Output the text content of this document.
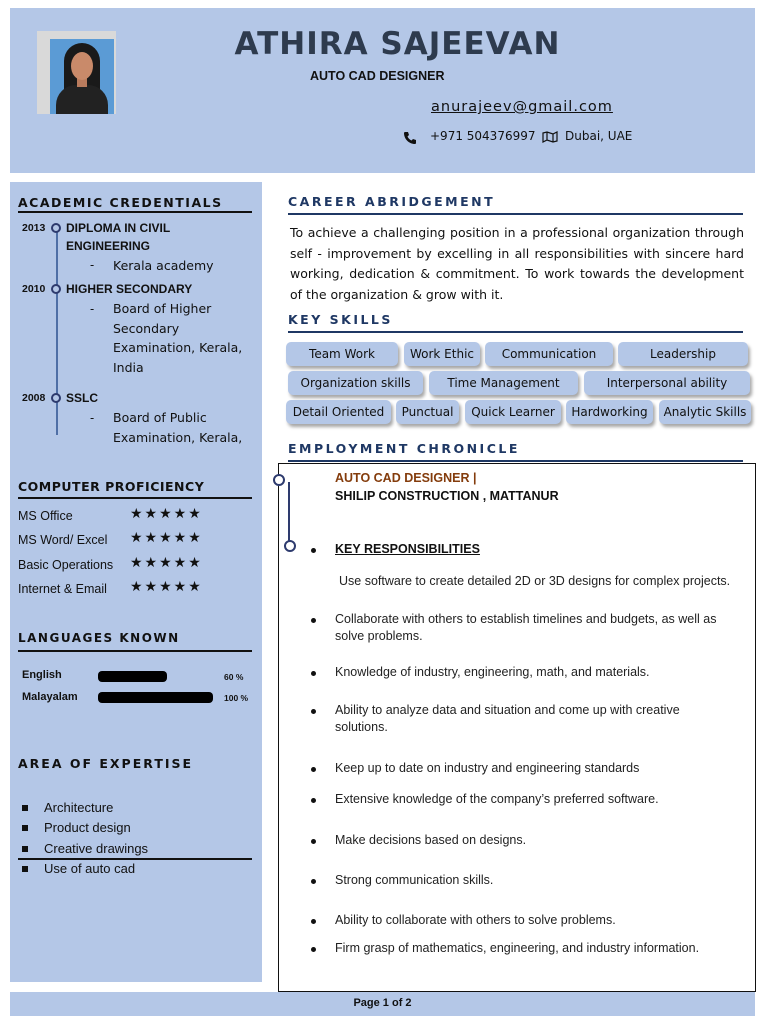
ATHIRA SAJEEVAN
AUTO CAD DESIGNER
anurajeev@gmail.com
+971 504376997 Dubai, UAE
ACADEMIC CREDENTIALS
2013 DIPLOMA IN CIVIL
ENGINEERING
- Kerala academy
2010 HIGHER SECONDARY
- Board of Higher
Secondary
Examination, Kerala,
India
2008 SSLC
- Board of Public
Examination, Kerala,
COMPUTER PROFICIENCY
MS Office	★★★★★
MS Word/ Excel ★★★★★
Basic Operations ★★★★★
Internet & Email ★★★★★
LANGUAGES KNOWN
English	60 %
Malayalam	100 %
AREA OF EXPERTISE
Architecture
Product design
Creative drawings
Use of auto cad
CAREER ABRIDGEMENT
To achieve a challenging position in a professional organization through self - improvement by excelling in all responsibilities with sincere hard working, dedication & commitment. To work towards the development of the organization & grow with it.
KEY SKILLS
Team Work	Work Ethic	Communication	Leadership
Organization skills	Time Management	Interpersonal ability
Detail Oriented	Punctual	Quick Learner	Hardworking	Analytic Skills
EMPLOYMENT CHRONICLE
AUTO CAD DESIGNER |
SHILIP CONSTRUCTION , MATTANUR
KEY RESPONSIBILITIES
Use software to create detailed 2D or 3D designs for complex projects.
Collaborate with others to establish timelines and budgets, as well as solve problems.
Knowledge of industry, engineering, math, and materials.
Ability to analyze data and situation and come up with creative solutions.
Keep up to date on industry and engineering standards
Extensive knowledge of the company’s preferred software.
Make decisions based on designs.
Strong communication skills.
Ability to collaborate with others to solve problems.
Firm grasp of mathematics, engineering, and industry information.
Page 1 of 2
